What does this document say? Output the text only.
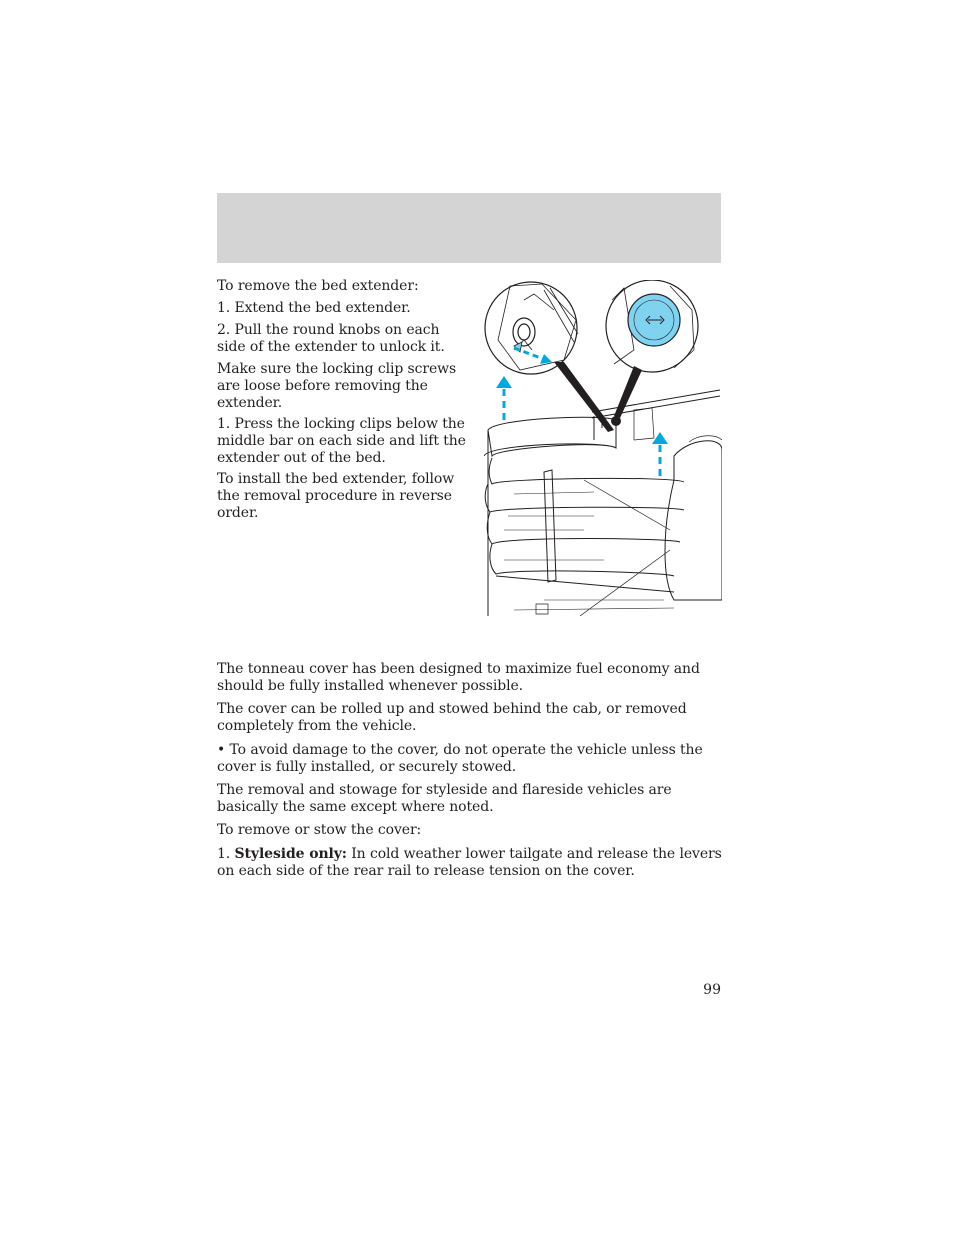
To remove the bed extender:

1. Extend the bed extender.

2. Pull the round knobs on each side of the extender to unlock it.

Make sure the locking clip screws are loose before removing the extender.

1. Press the locking clips below the middle bar on each side and lift the extender out of the bed.

To install the bed extender, follow the removal procedure in reverse order.

The tonneau cover has been designed to maximize fuel economy and should be fully installed whenever possible.

The cover can be rolled up and stowed behind the cab, or removed completely from the vehicle.

• To avoid damage to the cover, do not operate the vehicle unless the cover is fully installed, or securely stowed.

The removal and stowage for styleside and flareside vehicles are basically the same except where noted.

To remove or stow the cover:

1. Styleside only: In cold weather lower tailgate and release the levers on each side of the rear rail to release tension on the cover.

99
